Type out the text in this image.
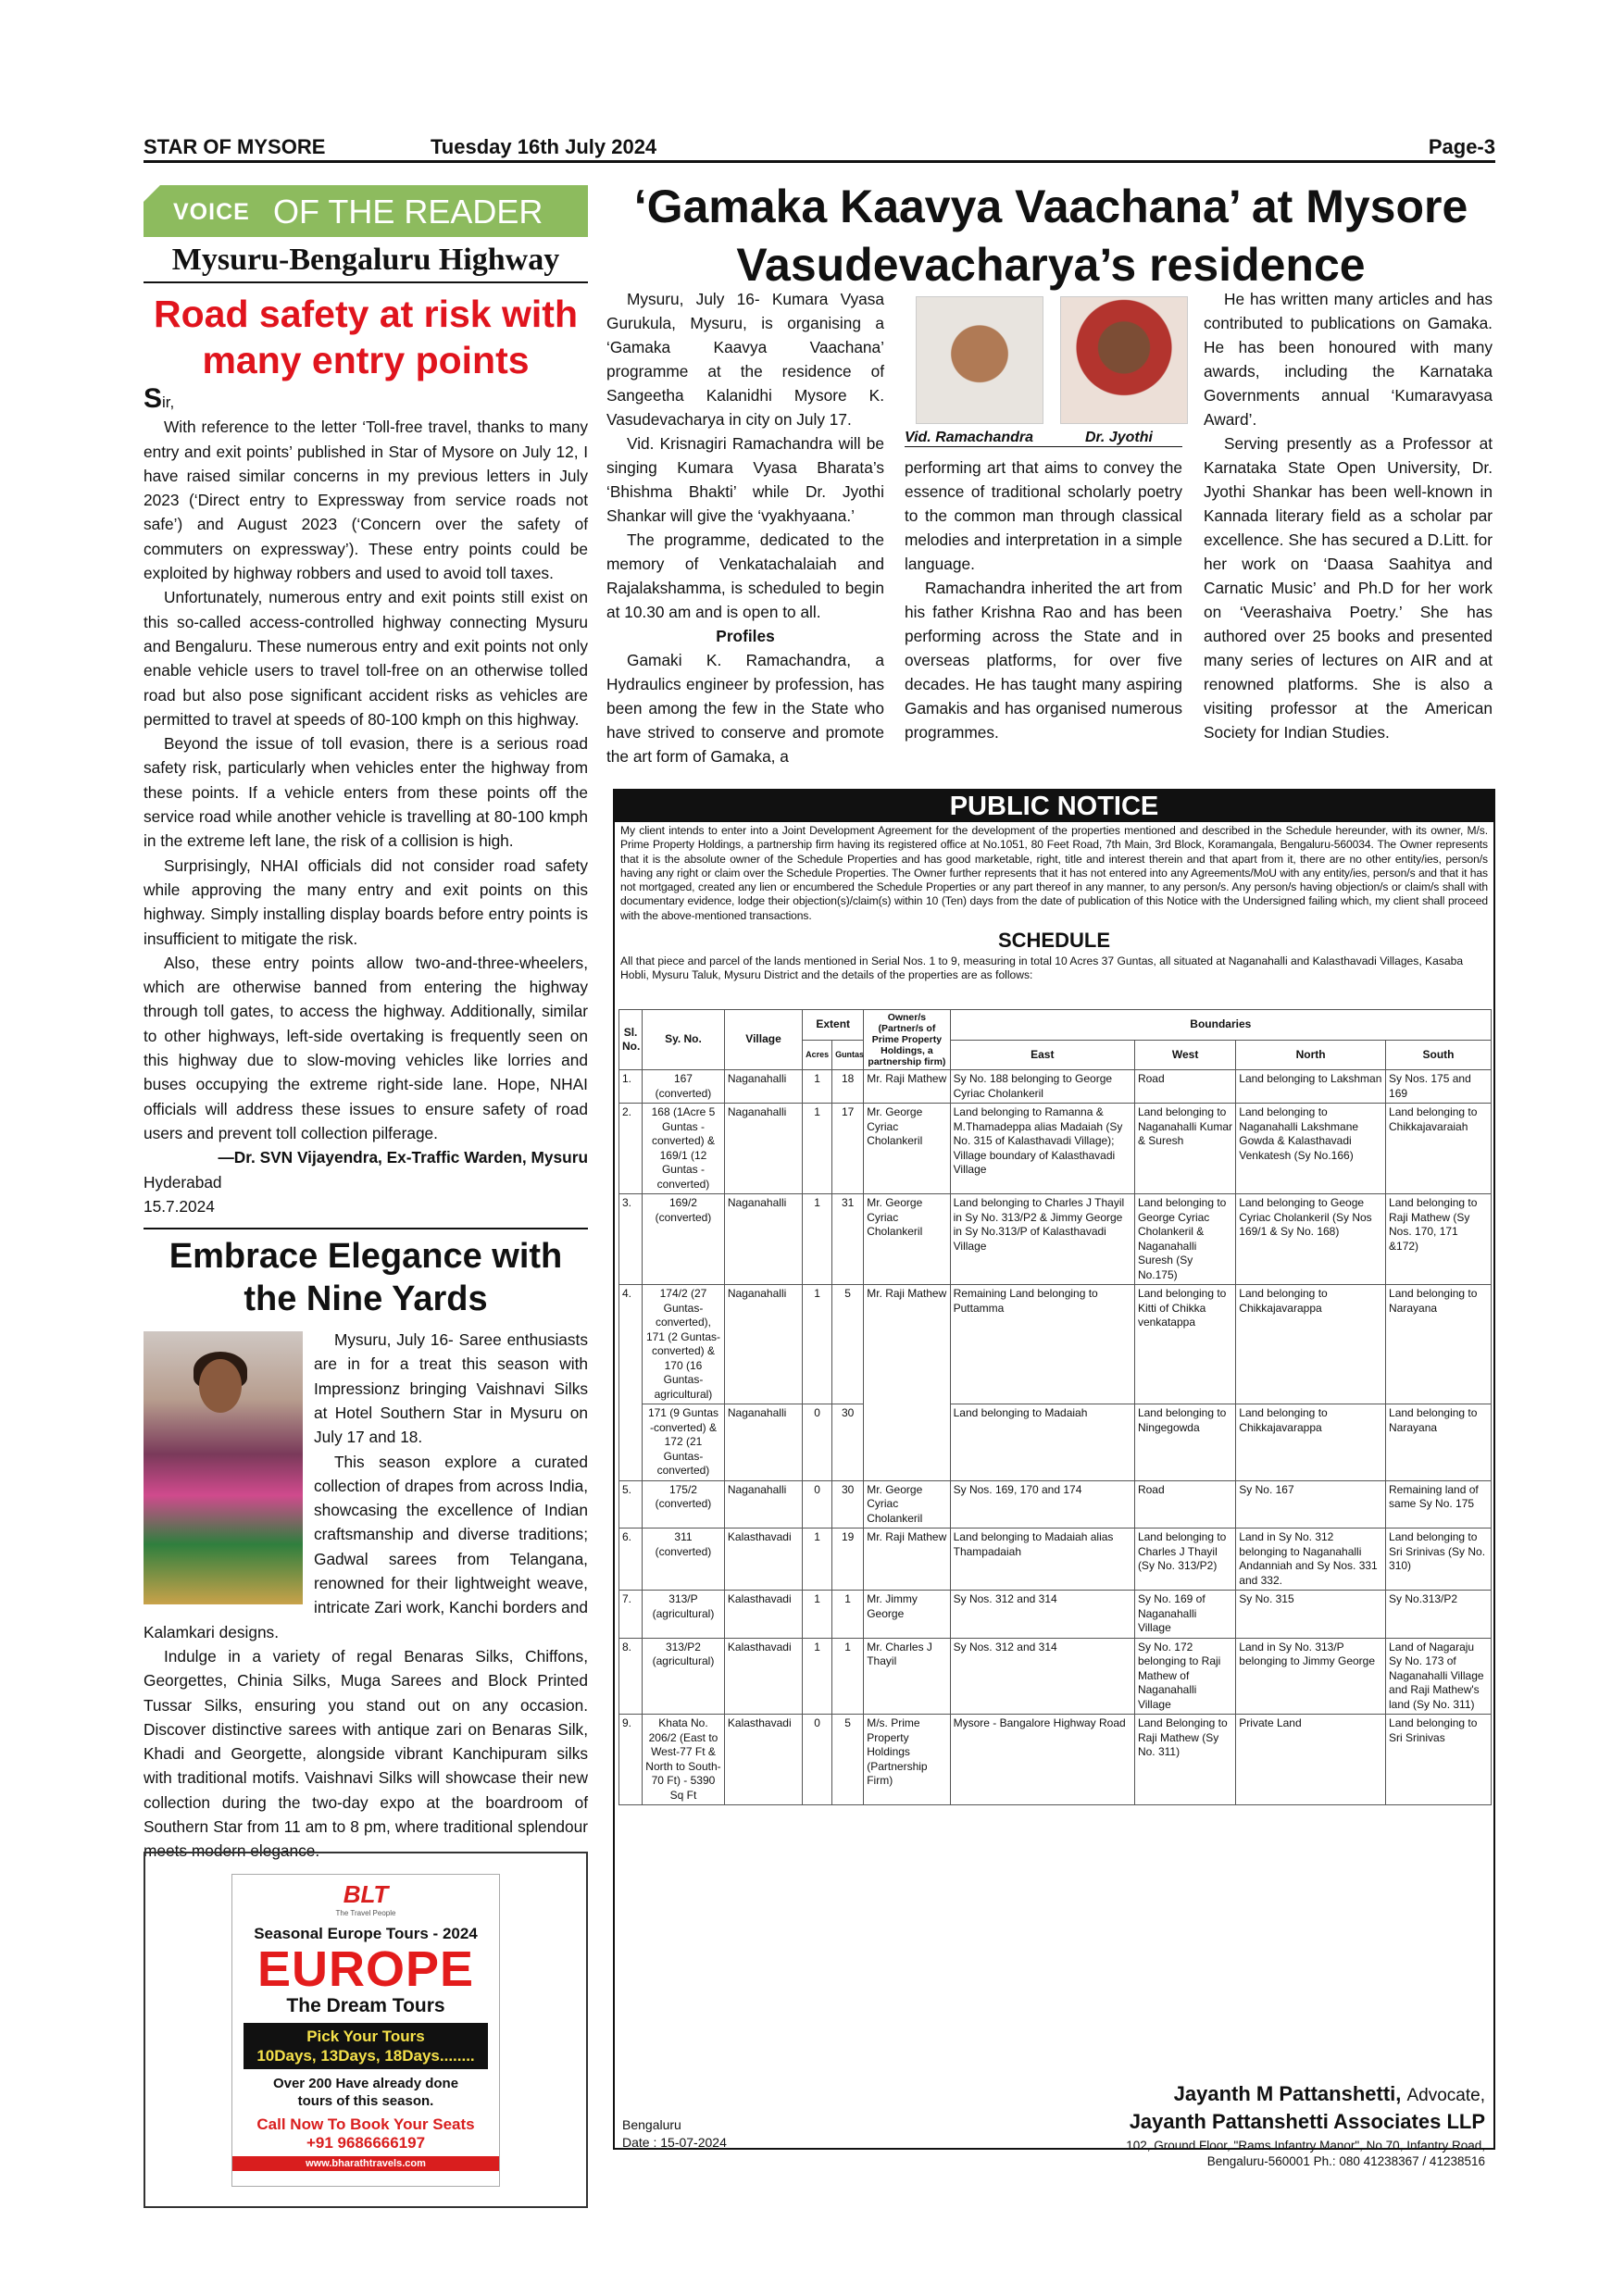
STAR OF MYSORE	Tuesday 16th July 2024	Page-3
VOICE OF THE READER
Mysuru-Bengaluru Highway
Road safety at risk with many entry points

Sir,

With reference to the letter ‘Toll-free travel, thanks to many entry and exit points’ published in Star of Mysore on July 12, I have raised similar concerns in my previous letters in July 2023 (‘Direct entry to Expressway from service roads not safe’) and August 2023 (‘Concern over the safety of commuters on expressway’). These entry points could be exploited by highway robbers and used to avoid toll taxes.

Unfortunately, numerous entry and exit points still exist on this so-called access-controlled highway connecting Mysuru and Bengaluru. These numerous entry and exit points not only enable vehicle users to travel toll-free on an otherwise tolled road but also pose significant accident risks as vehicles are permitted to travel at speeds of 80-100 kmph on this highway.

Beyond the issue of toll evasion, there is a serious road safety risk, particularly when vehicles enter the highway from these points. If a vehicle enters from these points off the service road while another vehicle is travelling at 80-100 kmph in the extreme left lane, the risk of a collision is high.

Surprisingly, NHAI officials did not consider road safety while approving the many entry and exit points on this highway. Simply installing display boards before entry points is insufficient to mitigate the risk.

Also, these entry points allow two-and-three-wheelers, which are otherwise banned from entering the highway through toll gates, to access the highway. Additionally, similar to other highways, left-side overtaking is frequently seen on this highway due to slow-moving vehicles like lorries and buses occupying the extreme right-side lane. Hope, NHAI officials will address these issues to ensure safety of road users and prevent toll collection pilferage.

—Dr. SVN Vijayendra, Ex-Traffic Warden, Mysuru

Hyderabad

15.7.2024

Embrace Elegance with the Nine Yards

Mysuru, July 16- Saree enthusiasts are in for a treat this season with Impressionz bringing Vaishnavi Silks at Hotel Southern Star in Mysuru on July 17 and 18.

This season explore a curated collection of drapes from across India, showcasing the excellence of Indian craftsmanship and diverse traditions; Gadwal sarees from Telangana, renowned for their lightweight weave, intricate Zari work, Kanchi borders and Kalamkari designs.

Indulge in a variety of regal Benaras Silks, Chiffons, Georgettes, Chinia Silks, Muga Sarees and Block Printed Tussar Silks, ensuring you stand out on any occasion. Discover distinctive sarees with antique zari on Benaras Silk, Khadi and Georgette, alongside vibrant Kanchipuram silks with traditional motifs. Vaishnavi Silks will showcase their new collection during the two-day expo at the boardroom of Southern Star from 11 am to 8 pm, where traditional splendour meets modern elegance.

BLT
The Travel People
Seasonal Europe Tours - 2024
EUROPE
The Dream Tours
Pick Your Tours
10Days, 13Days, 18Days........
Over 200 Have already done
tours of this season.
Call Now To Book Your Seats
+91 9686666197
www.bharathtravels.com
‘Gamaka Kaavya Vaachana’ at Mysore Vasudevacharya’s residence

Mysuru, July 16- Kumara Vyasa Gurukula, Mysuru, is organising a ‘Gamaka Kaavya Vaachana’ programme at the residence of Sangeetha Kalanidhi Mysore K. Vasudevacharya in city on July 17.

Vid. Krisnagiri Ramachandra will be singing Kumara Vyasa Bharata’s ‘Bhishma Bhakti’ while Dr. Jyothi Shankar will give the ‘vyakhyaana.’

The programme, dedicated to the memory of Venkatachalaiah and Rajalakshamma, is scheduled to begin at 10.30 am and is open to all.

Profiles

Gamaki K. Ramachandra, a Hydraulics engineer by profession, has been among the few in the State who have strived to conserve and promote the art form of Gamaka, a

Vid. Ramachandra	Dr. Jyothi

performing art that aims to convey the essence of traditional scholarly poetry to the common man through classical melodies and interpretation in a simple language.

Ramachandra inherited the art from his father Krishna Rao and has been performing across the State and in overseas platforms, for over five decades. He has taught many aspiring Gamakis and has organised numerous programmes.

He has written many articles and has contributed to publications on Gamaka. He has been honoured with many awards, including the Karnataka Governments annual ‘Kumaravyasa Award’.

Serving presently as a Professor at Karnataka State Open University, Dr. Jyothi Shankar has been well-known in Kannada literary field as a scholar par excellence. She has secured a D.Litt. for her work on ‘Daasa Saahitya and Carnatic Music’ and Ph.D for her work on ‘Veerashaiva Poetry.’ She has authored over 25 books and presented many series of lectures on AIR and at renowned platforms. She is also a visiting professor at the American Society for Indian Studies.

PUBLIC NOTICE
My client intends to enter into a Joint Development Agreement for the development of the properties mentioned and described in the Schedule hereunder, with its owner, M/s. Prime Property Holdings, a partnership firm having its registered office at No.1051, 80 Feet Road, 7th Main, 3rd Block, Koramangala, Bengaluru-560034. The Owner represents that it is the absolute owner of the Schedule Properties and has good marketable, right, title and interest therein and that apart from it, there are no other entity/ies, person/s having any right or claim over the Schedule Properties. The Owner further represents that it has not entered into any Agreements/MoU with any entity/ies, person/s and that it has not mortgaged, created any lien or encumbered the Schedule Properties or any part thereof in any manner, to any person/s. Any person/s having objection/s or claim/s shall with documentary evidence, lodge their objection(s)/claim(s) within 10 (Ten) days from the date of publication of this Notice with the Undersigned failing which, my client shall proceed with the above-mentioned transactions.
SCHEDULE
All that piece and parcel of the lands mentioned in Serial Nos. 1 to 9, measuring in total 10 Acres 37 Guntas, all situated at Naganahalli and Kalasthavadi Villages, Kasaba Hobli, Mysuru Taluk, Mysuru District and the details of the properties are as follows:
Sl. No.	Sy. No.	Village	Extent		Owner/s (Partner/s of Prime Property Holdings, a partnership firm)	Boundaries			
			Acres	Guntas		East	West	North	South
1.	167 (converted)	Naganahalli	1	18	Mr. Raji Mathew	Sy No. 188 belonging to George Cyriac Cholankeril	Road	Land belonging to Lakshman	Sy Nos. 175 and 169
2.	168 (1Acre 5 Guntas -converted) & 169/1 (12 Guntas -converted)	Naganahalli	1	17	Mr. George Cyriac Cholankeril	Land belonging to Ramanna & M.Thamadeppa alias Madaiah (Sy No. 315 of Kalasthavadi Village); Village boundary of Kalasthavadi Village	Land belonging to Naganahalli Kumar & Suresh	Land belonging to Naganahalli Lakshmane Gowda & Kalasthavadi Venkatesh (Sy No.166)	Land belonging to Chikkajavaraiah
3.	169/2 (converted)	Naganahalli	1	31	Mr. George Cyriac Cholankeril	Land belonging to Charles J Thayil in Sy No. 313/P2 & Jimmy George in Sy No.313/P of Kalasthavadi Village	Land belonging to George Cyriac Cholankeril & Naganahalli Suresh (Sy No.175)	Land belonging to Geoge Cyriac Cholankeril (Sy Nos 169/1 & Sy No. 168)	Land belonging to Raji Mathew (Sy Nos. 170, 171 &172)
4.	174/2 (27 Guntas-converted), 171 (2 Guntas-converted) & 170 (16 Guntas-agricultural)	Naganahalli	1	5	Mr. Raji Mathew	Remaining Land belonging to Puttamma	Land belonging to Kitti of Chikka venkatappa	Land belonging to Chikkajavarappa	Land belonging to Narayana
	171 (9 Guntas -converted) & 172 (21 Guntas-converted)	Naganahalli	0	30		Land belonging to Madaiah	Land belonging to Ningegowda	Land belonging to Chikkajavarappa	Land belonging to Narayana
5.	175/2 (converted)	Naganahalli	0	30	Mr. George Cyriac Cholankeril	Sy Nos. 169, 170 and 174	Road	Sy No. 167	Remaining land of same Sy No. 175
6.	311 (converted)	Kalasthavadi	1	19	Mr. Raji Mathew	Land belonging to Madaiah alias Thampadaiah	Land belonging to Charles J Thayil (Sy No. 313/P2)	Land in Sy No. 312 belonging to Naganahalli Andanniah and Sy Nos. 331 and 332.	Land belonging to Sri Srinivas (Sy No. 310)
7.	313/P (agricultural)	Kalasthavadi	1	1	Mr. Jimmy George	Sy Nos. 312 and 314	Sy No. 169 of Naganahalli Village	Sy No. 315	Sy No.313/P2
8.	313/P2 (agricultural)	Kalasthavadi	1	1	Mr. Charles J Thayil	Sy Nos. 312 and 314	Sy No. 172 belonging to Raji Mathew of Naganahalli Village	Land in Sy No. 313/P belonging to Jimmy George	Land of Nagaraju Sy No. 173 of Naganahalli Village and Raji Mathew's land (Sy No. 311)
9.	Khata No. 206/2 (East to West-77 Ft & North to South-70 Ft) - 5390 Sq Ft	Kalasthavadi	0	5	M/s. Prime Property Holdings (Partnership Firm)	Mysore - Bangalore Highway Road	Land Belonging to Raji Mathew (Sy No. 311)	Private Land	Land belonging to Sri Srinivas
Bengaluru
Date : 15-07-2024
Jayanth M Pattanshetti, Advocate,
Jayanth Pattanshetti Associates LLP
102, Ground Floor, "Rams Infantry Manor", No.70, Infantry Road,
Bengaluru-560001 Ph.: 080 41238367 / 41238516
